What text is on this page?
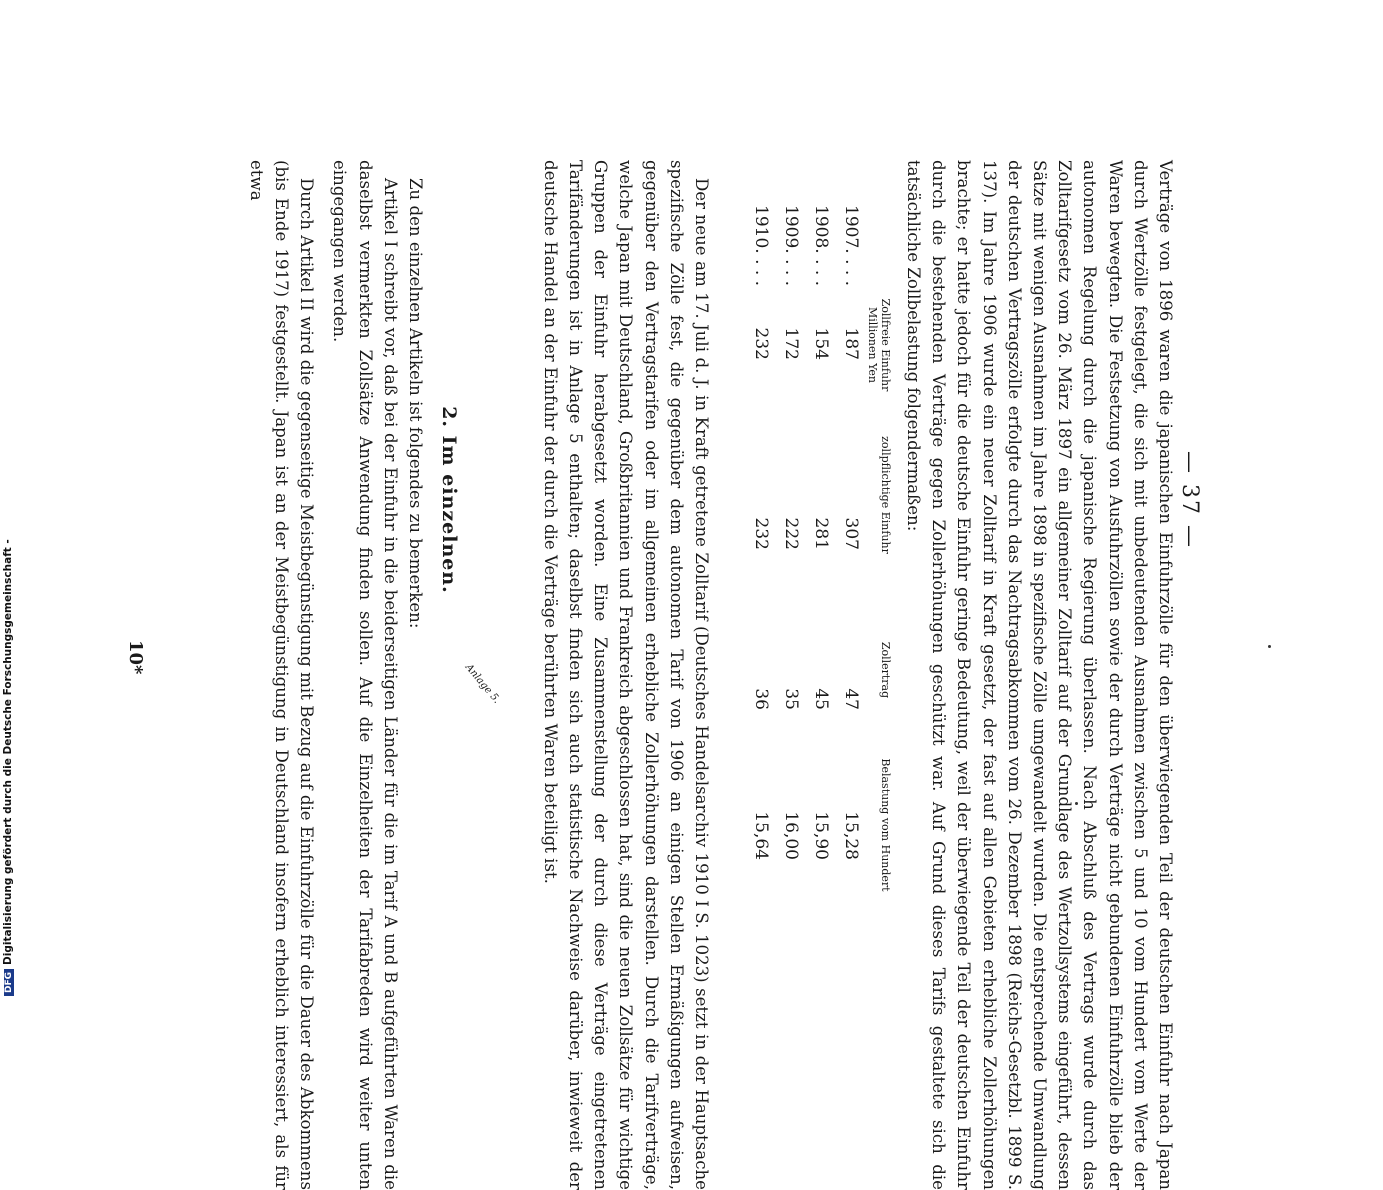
— 37 —

Verträge von 1896 waren die japanischen Einfuhrzölle für den überwiegenden Teil der deutschen Einfuhr nach Japan durch Wertzölle festgelegt, die sich mit unbedeutenden Ausnahmen zwischen 5 und 10 vom Hundert vom Werte der Waren bewegten. Die Festsetzung von Ausfuhrzöllen sowie der durch Verträge nicht gebundenen Einfuhrzölle blieb der autonomen Regelung durch die japanische Regierung überlassen. Nach Abschluß des Vertrags wurde durch das Zolltarifgesetz vom 26. März 1897 ein allgemeiner Zolltarif auf der Grundlage des Wertzollsystems eingeführt, dessen Sätze mit wenigen Ausnahmen im Jahre 1898 in spezifische Zölle umgewandelt wurden. Die entsprechende Umwandlung der deutschen Vertragszölle erfolgte durch das Nachtragsabkommen vom 26. Dezember 1898 (Reichs-Gesetzbl. 1899 S. 137). Im Jahre 1906 wurde ein neuer Zolltarif in Kraft gesetzt, der fast auf allen Gebieten erhebliche Zollerhöhungen brachte; er hatte jedoch für die deutsche Einfuhr geringe Bedeutung, weil der überwiegende Teil der deutschen Einfuhr durch die bestehenden Verträge gegen Zollerhöhungen geschützt war. Auf Grund dieses Tarifs gestaltete sich die tatsächliche Zollbelastung folgendermaßen:

Zollfreie Einfuhr Millionen Yen
zollpflichtige Einfuhr
Zollertrag
Belastung vom Hundert
1907. . . .
187
307
47
15,28
1908. . . .
154
281
45
15,90
1909. . . .
172
222
35
16,00
1910. . . .
232
232
36
15,64

Der neue am 17. Juli d. J. in Kraft getretene Zolltarif (Deutsches Handelsarchiv 1910 I S. 1023) setzt in der Hauptsache spezifische Zölle fest, die gegenüber dem autonomen Tarif von 1906 an einigen Stellen Ermäßigungen aufweisen, gegenüber den Vertragstarifen oder im allgemeinen erhebliche Zollerhöhungen darstellen. Durch die Tarifverträge, welche Japan mit Deutschland, Großbritannien und Frankreich abgeschlossen hat, sind die neuen Zollsätze für wichtige Gruppen der Einfuhr herabgesetzt worden. Eine Zusammenstellung der durch diese Verträge eingetretenen Tarifänderungen ist in Anlage 5 enthalten; daselbst finden sich auch statistische Nachweise darüber, inwieweit der deutsche Handel an der Einfuhr der durch die Verträge berührten Waren beteiligt ist.

Anlage 5.
2. Im einzelnen.

Zu den einzelnen Artikeln ist folgendes zu bemerken:

Artikel I schreibt vor, daß bei der Einfuhr in die beiderseitigen Länder für die im Tarif A und B aufgeführten Waren die daselbst vermerkten Zollsätze Anwendung finden sollen. Auf die Einzelheiten der Tarifabreden wird weiter unten eingegangen werden.

Durch Artikel II wird die gegenseitige Meistbegünstigung mit Bezug auf die Einfuhrzölle für die Dauer des Abkommens (bis Ende 1917) festgestellt. Japan ist an der Meistbegünstigung in Deutschland insofern erheblich interessiert, als für etwa

10*
DFGDigitalisierung gefördert durch die Deutsche Forschungsgemeinschaft -
